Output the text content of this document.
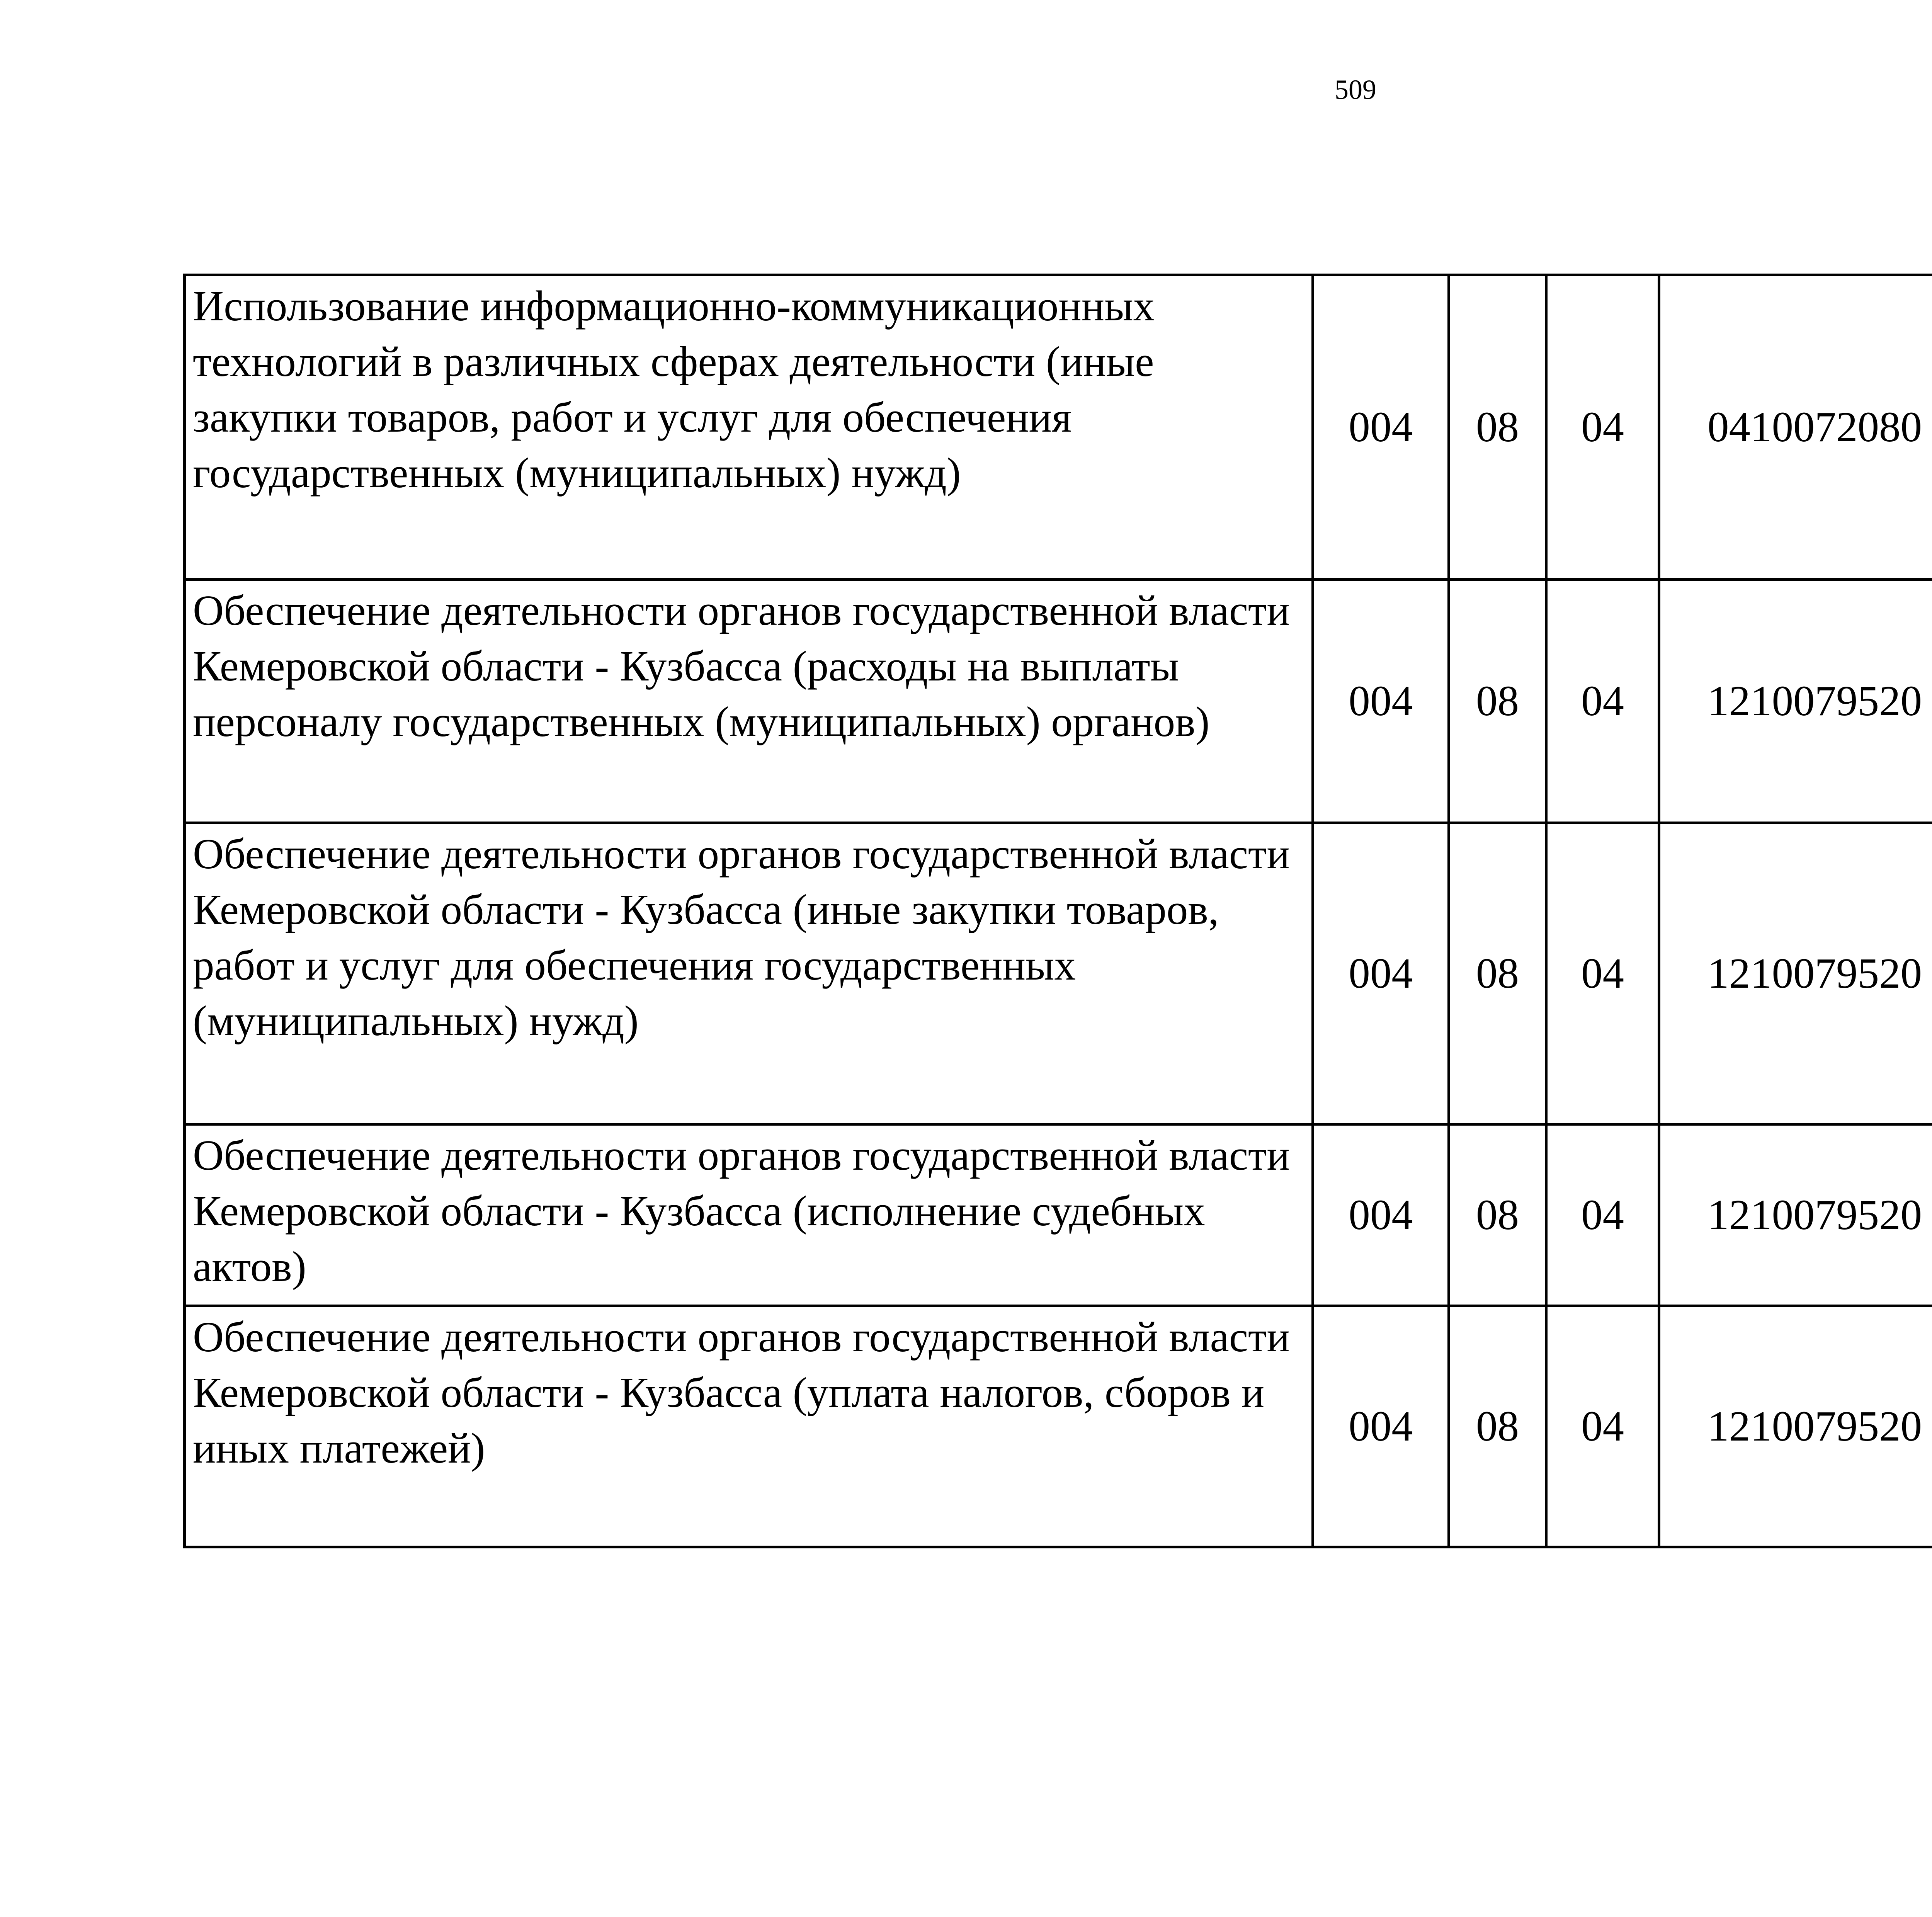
509
Использование информационно-коммуникационных технологий в различных сферах деятельности (иные закупки товаров, работ и услуг для обеспечения государственных (муниципальных) нужд)	004	08	04	0410072080		
Обеспечение деятельности органов государственной власти Кемеровской области - Кузбасса (расходы на выплаты персоналу государственных (муниципальных) органов)	004	08	04	1210079520		
Обеспечение деятельности органов государственной власти Кемеровской области - Кузбасса (иные закупки товаров, работ и услуг для обеспечения государственных (муниципальных) нужд)	004	08	04	1210079520		
Обеспечение деятельности органов государственной власти Кемеровской области - Кузбасса (исполнение судебных актов)	004	08	04	1210079520		
Обеспечение деятельности органов государственной власти Кемеровской области - Кузбасса (уплата налогов, сборов и иных платежей)	004	08	04	1210079520		
